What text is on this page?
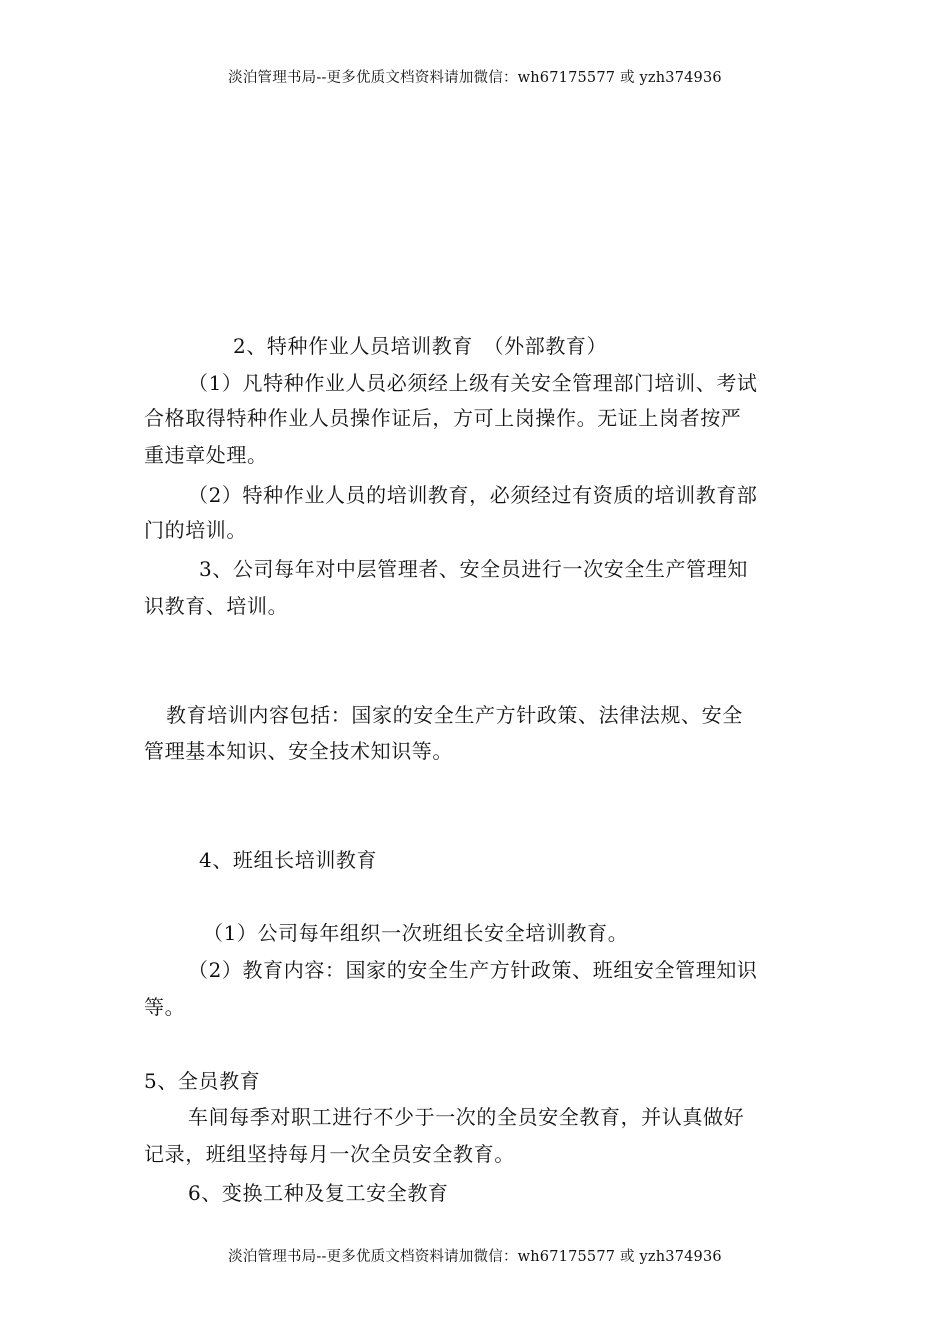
淡泊管理书局--更多优质文档资料请加微信：wh67175577 或 yzh374936
2、特种作业人员培训教育　（外部教育）
（1）凡特种作业人员必须经上级有关安全管理部门培训、考试
合格取得特种作业人员操作证后，方可上岗操作。无证上岗者按严
重违章处理。
（2）特种作业人员的培训教育，必须经过有资质的培训教育部
门的培训。
3、公司每年对中层管理者、安全员进行一次安全生产管理知
识教育、培训。
教育培训内容包括：国家的安全生产方针政策、法律法规、安全
管理基本知识、安全技术知识等。
4、班组长培训教育
（1）公司每年组织一次班组长安全培训教育。
（2）教育内容：国家的安全生产方针政策、班组安全管理知识
等。
5、全员教育
车间每季对职工进行不少于一次的全员安全教育，并认真做好
记录，班组坚持每月一次全员安全教育。
6、变换工种及复工安全教育
淡泊管理书局--更多优质文档资料请加微信：wh67175577 或 yzh374936
